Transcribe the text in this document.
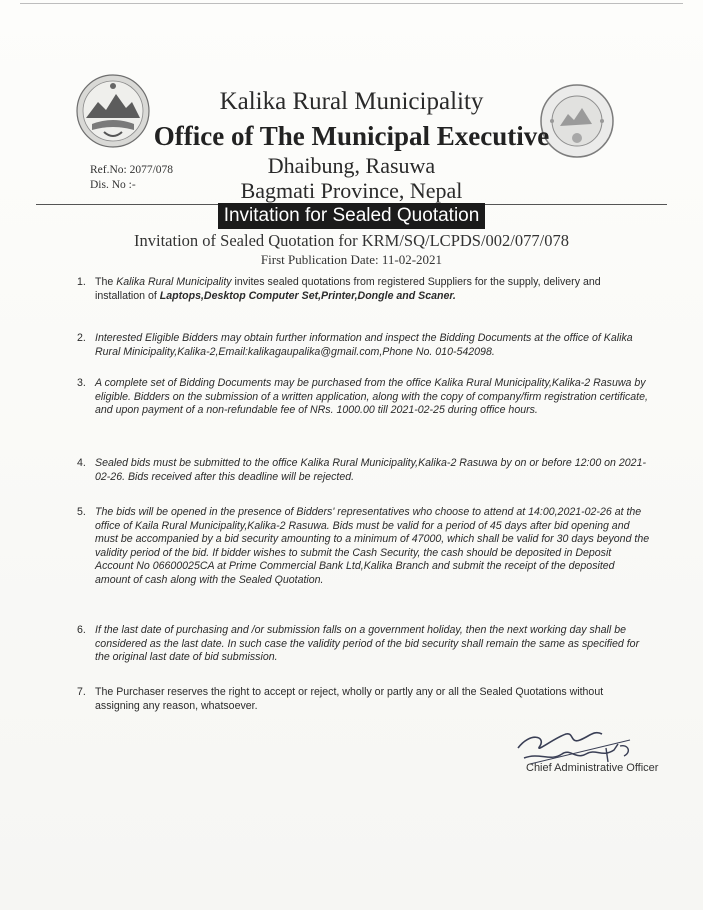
Kalika Rural Municipality
Office of The Municipal Executive
Dhaibung, Rasuwa
Bagmati Province, Nepal
Ref.No: 2077/078
Dis. No :-
Invitation for Sealed Quotation
Invitation of Sealed Quotation for KRM/SQ/LCPDS/002/077/078
First Publication Date: 11-02-2021
1. The Kalika Rural Municipality invites sealed quotations from registered Suppliers for the supply, delivery and installation of Laptops,Desktop Computer Set,Printer,Dongle and Scaner.
2. Interested Eligible Bidders may obtain further information and inspect the Bidding Documents at the office of Kalika Rural Minicipality,Kalika-2,Email:kalikagaupalika@gmail.com,Phone No. 010-542098.
3. A complete set of Bidding Documents may be purchased from the office Kalika Rural Municipality,Kalika-2 Rasuwa by eligible. Bidders on the submission of a written application, along with the copy of company/firm registration certificate, and upon payment of a non-refundable fee of NRs. 1000.00 till 2021-02-25 during office hours.
4. Sealed bids must be submitted to the office Kalika Rural Municipality,Kalika-2 Rasuwa by on or before 12:00 on 2021-02-26. Bids received after this deadline will be rejected.
5. The bids will be opened in the presence of Bidders' representatives who choose to attend at 14:00,2021-02-26 at the office of Kaila Rural Municipality,Kalika-2 Rasuwa. Bids must be valid for a period of 45 days after bid opening and must be accompanied by a bid security amounting to a minimum of 47000, which shall be valid for 30 days beyond the validity period of the bid. If bidder wishes to submit the Cash Security, the cash should be deposited in Deposit Account No 06600025CA at Prime Commercial Bank Ltd,Kalika Branch and submit the receipt of the deposited amount of cash along with the Sealed Quotation.
6. If the last date of purchasing and /or submission falls on a government holiday, then the next working day shall be considered as the last date. In such case the validity period of the bid security shall remain the same as specified for the original last date of bid submission.
7. The Purchaser reserves the right to accept or reject, wholly or partly any or all the Sealed Quotations without assigning any reason, whatsoever.
Chief Administrative Officer
